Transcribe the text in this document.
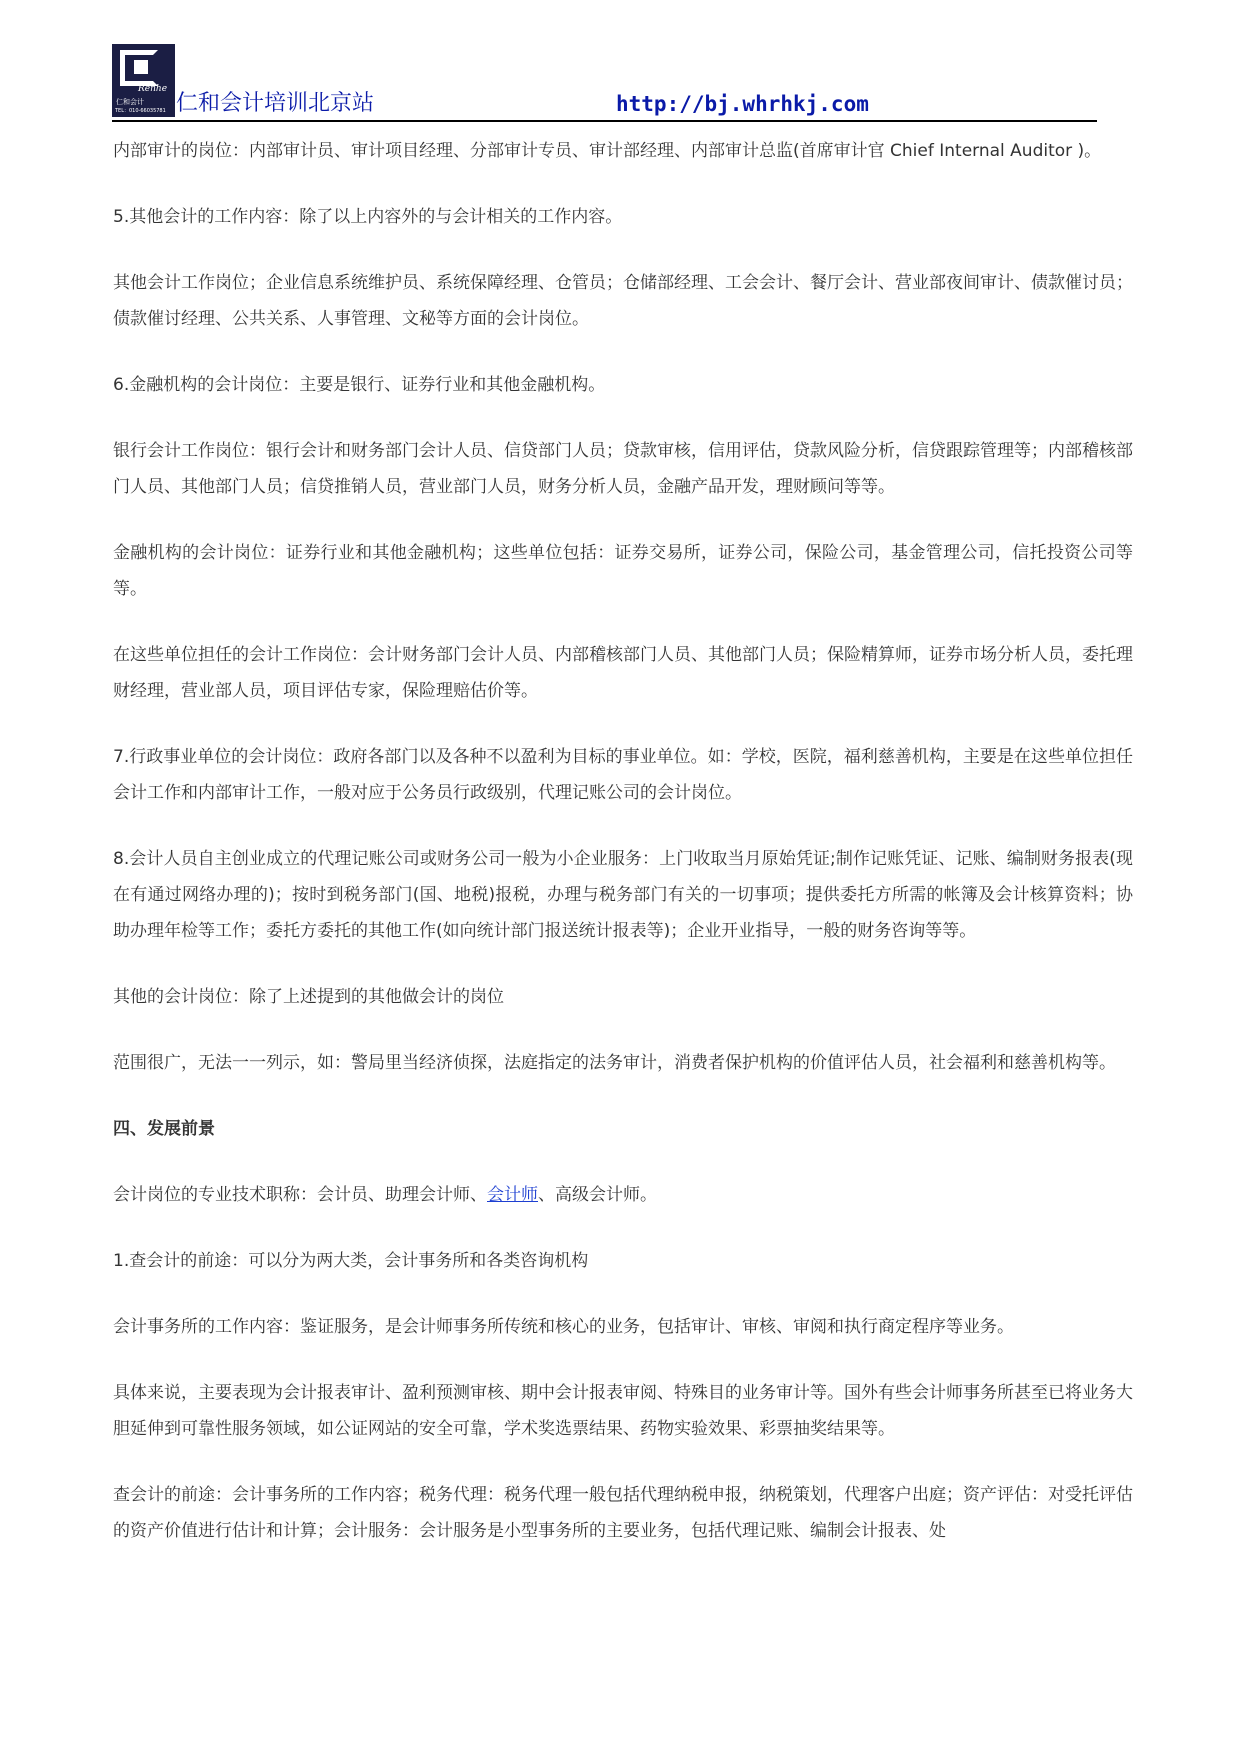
Renhe
仁和会计
TEL：010-66035781 仁和会计培训北京站	http://bj.whrhkj.com

内部审计的岗位：内部审计员、审计项目经理、分部审计专员、审计部经理、内部审计总监(首席审计官 Chief Internal Auditor )。

5.其他会计的工作内容：除了以上内容外的与会计相关的工作内容。

其他会计工作岗位；企业信息系统维护员、系统保障经理、仓管员；仓储部经理、工会会计、餐厅会计、营业部夜间审计、债款催讨员；债款催讨经理、公共关系、人事管理、文秘等方面的会计岗位。

6.金融机构的会计岗位：主要是银行、证券行业和其他金融机构。

银行会计工作岗位：银行会计和财务部门会计人员、信贷部门人员；贷款审核，信用评估，贷款风险分析，信贷跟踪管理等；内部稽核部门人员、其他部门人员；信贷推销人员，营业部门人员，财务分析人员，金融产品开发，理财顾问等等。

金融机构的会计岗位：证券行业和其他金融机构；这些单位包括：证券交易所，证券公司，保险公司，基金管理公司，信托投资公司等等。

在这些单位担任的会计工作岗位：会计财务部门会计人员、内部稽核部门人员、其他部门人员；保险精算师，证券市场分析人员，委托理财经理，营业部人员，项目评估专家，保险理赔估价等。

7.行政事业单位的会计岗位：政府各部门以及各种不以盈利为目标的事业单位。如：学校，医院，福利慈善机构，主要是在这些单位担任会计工作和内部审计工作，一般对应于公务员行政级别，代理记账公司的会计岗位。

8.会计人员自主创业成立的代理记账公司或财务公司一般为小企业服务：上门收取当月原始凭证;制作记账凭证、记账、编制财务报表(现在有通过网络办理的)；按时到税务部门(国、地税)报税，办理与税务部门有关的一切事项；提供委托方所需的帐簿及会计核算资料；协助办理年检等工作；委托方委托的其他工作(如向统计部门报送统计报表等)；企业开业指导，一般的财务咨询等等。

其他的会计岗位：除了上述提到的其他做会计的岗位

范围很广，无法一一列示，如：警局里当经济侦探，法庭指定的法务审计，消费者保护机构的价值评估人员，社会福利和慈善机构等。

四、发展前景

会计岗位的专业技术职称：会计员、助理会计师、会计师、高级会计师。

1.查会计的前途：可以分为两大类，会计事务所和各类咨询机构

会计事务所的工作内容：鉴证服务，是会计师事务所传统和核心的业务，包括审计、审核、审阅和执行商定程序等业务。

具体来说，主要表现为会计报表审计、盈利预测审核、期中会计报表审阅、特殊目的业务审计等。国外有些会计师事务所甚至已将业务大胆延伸到可靠性服务领域，如公证网站的安全可靠，学术奖选票结果、药物实验效果、彩票抽奖结果等。

查会计的前途：会计事务所的工作内容；税务代理：税务代理一般包括代理纳税申报，纳税策划，代理客户出庭；资产评估：对受托评估的资产价值进行估计和计算；会计服务：会计服务是小型事务所的主要业务，包括代理记账、编制会计报表、处
